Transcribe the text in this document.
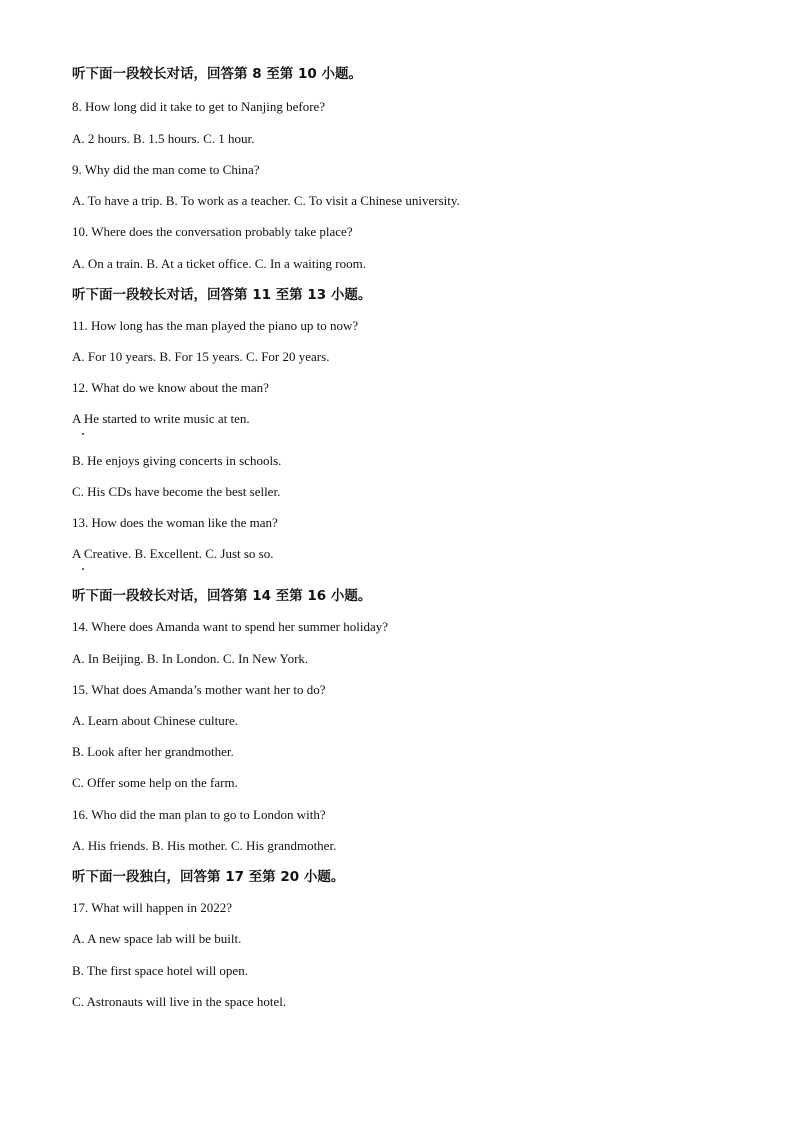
听下面一段较长对话，回答第 8 至第 10 小题。
8. How long did it take to get to Nanjing before?
A. 2 hours. B. 1.5 hours. C. 1 hour.
9. Why did the man come to China?
A. To have a trip. B. To work as a teacher. C. To visit a Chinese university.
10. Where does the conversation probably take place?
A. On a train. B. At a ticket office. C. In a waiting room.
听下面一段较长对话，回答第 11 至第 13 小题。
11. How long has the man played the piano up to now?
A. For 10 years. B. For 15 years. C. For 20 years.
12. What do we know about the man?
A He started to write music at ten.
B. He enjoys giving concerts in schools.
C. His CDs have become the best seller.
13. How does the woman like the man?
A Creative. B. Excellent. C. Just so so.
听下面一段较长对话，回答第 14 至第 16 小题。
14. Where does Amanda want to spend her summer holiday?
A. In Beijing. B. In London. C. In New York.
15. What does Amanda’s mother want her to do?
A. Learn about Chinese culture.
B. Look after her grandmother.
C. Offer some help on the farm.
16. Who did the man plan to go to London with?
A. His friends. B. His mother. C. His grandmother.
听下面一段独白，回答第 17 至第 20 小题。
17. What will happen in 2022?
A. A new space lab will be built.
B. The first space hotel will open.
C. Astronauts will live in the space hotel.
